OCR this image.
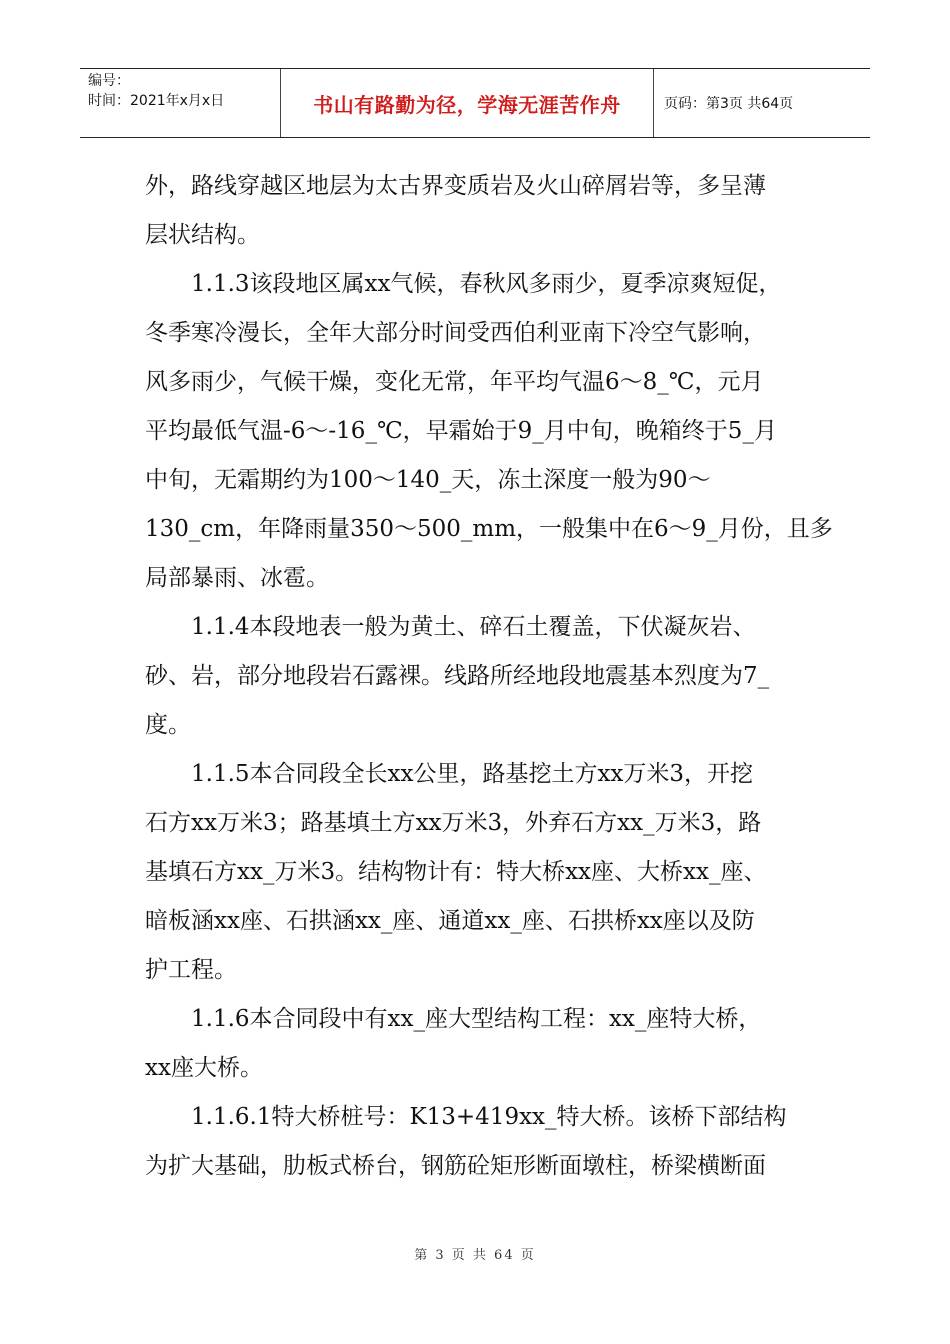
编号：
时间：2021年x月x日	书山有路勤为径，学海无涯苦作舟	页码：第3页 共64页
外，路线穿越区地层为太古界变质岩及火山碎屑岩等，多呈薄
层状结构。
1.1.3该段地区属xx气候，春秋风多雨少，夏季凉爽短促，
冬季寒冷漫长，全年大部分时间受西伯利亚南下冷空气影响，
风多雨少，气候干燥，变化无常，年平均气温6～8_℃，元月
平均最低气温-6～-16_℃，早霜始于9_月中旬，晚箱终于5_月
中旬，无霜期约为100～140_天，冻土深度一般为90～
130_cm，年降雨量350～500_mm，一般集中在6～9_月份，且多
局部暴雨、冰雹。
1.1.4本段地表一般为黄土、碎石土覆盖，下伏凝灰岩、
砂、岩，部分地段岩石露裸。线路所经地段地震基本烈度为7_
度。
1.1.5本合同段全长xx公里，路基挖土方xx万米3，开挖
石方xx万米3；路基填土方xx万米3，外弃石方xx_万米3，路
基填石方xx_万米3。结构物计有：特大桥xx座、大桥xx_座、
暗板涵xx座、石拱涵xx_座、通道xx_座、石拱桥xx座以及防
护工程。
1.1.6本合同段中有xx_座大型结构工程：xx_座特大桥，
xx座大桥。
1.1.6.1特大桥桩号：K13+419xx_特大桥。该桥下部结构
为扩大基础，肋板式桥台，钢筋砼矩形断面墩柱，桥梁横断面
第 3 页 共 64 页
